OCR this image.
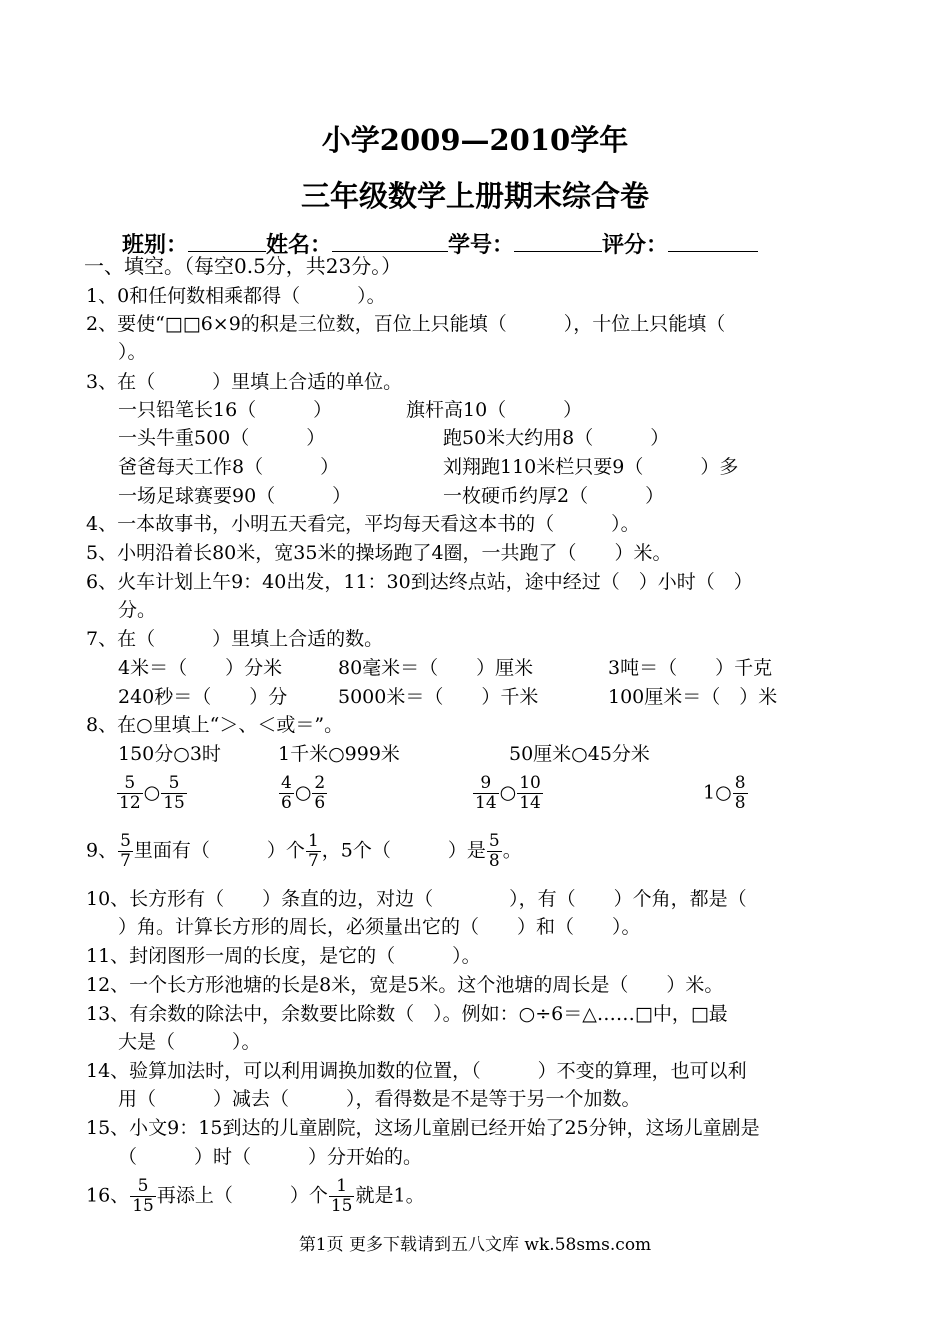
小学2009—2010学年
三年级数学上册期末综合卷
班别：	姓名：	学号：	评分：
一、填空。（每空0.5分，共23分。）
1、0和任何数相乘都得（　　　）。
2、要使“□□6×9的积是三位数，百位上只能填（　　　），十位上只能填（
）。
3、在（　　　）里填上合适的单位。
一只铅笔长16（　　　）	旗杆高10（　　　）
一头牛重500（　　　）	跑50米大约用8（　　　）
爸爸每天工作8（　　　）	刘翔跑110米栏只要9（　　　）多
一场足球赛要90（　　　）	一枚硬币约厚2（　　　）
4、一本故事书，小明五天看完，平均每天看这本书的（　　　）。
5、小明沿着长80米，宽35米的操场跑了4圈，一共跑了（　　）米。
6、火车计划上午9：40出发，11：30到达终点站，途中经过（　）小时（　）
分。
7、在（　　　）里填上合适的数。
4米＝（　　）分米	80毫米＝（　　）厘米	3吨＝（　　）千克
240秒＝（　　）分	5000米＝（　　）千米	100厘米＝（　）米
8、在○里填上“＞、＜或＝”。
150分○3时	1千米○999米	50厘米○45分米
$\frac{5}{12}$ ○ $\frac{5}{15}$	$\frac{4}{6}$ ○ $\frac{2}{6}$	$\frac{9}{14}$ ○ $\frac{10}{14}$	1○ $\frac{8}{8}$
9、 $\frac{5}{7}$ 里面有（　　　）个 $\frac{1}{7}$ ，5个（　　　）是 $\frac{5}{8}$ 。
10、长方形有（　　）条直的边，对边（　　　　），有（　　）个角，都是（
）角。计算长方形的周长，必须量出它的（　　）和（　　）。
11、封闭图形一周的长度，是它的（　　　）。
12、一个长方形池塘的长是8米，宽是5米。这个池塘的周长是（　　）米。
13、有余数的除法中，余数要比除数（　）。例如：○÷6＝△……□中，□最
大是（　　　）。
14、验算加法时，可以利用调换加数的位置，（　　　）不变的算理，也可以利
用（　　　）减去（　　　），看得数是不是等于另一个加数。
15、小文9：15到达的儿童剧院，这场儿童剧已经开始了25分钟，这场儿童剧是
（　　　）时（　　　）分开始的。
16、 $\frac{5}{15}$ 再添上（　　　）个 $\frac{1}{15}$ 就是1。
第1页 更多下载请到五八文库 wk.58sms.com
